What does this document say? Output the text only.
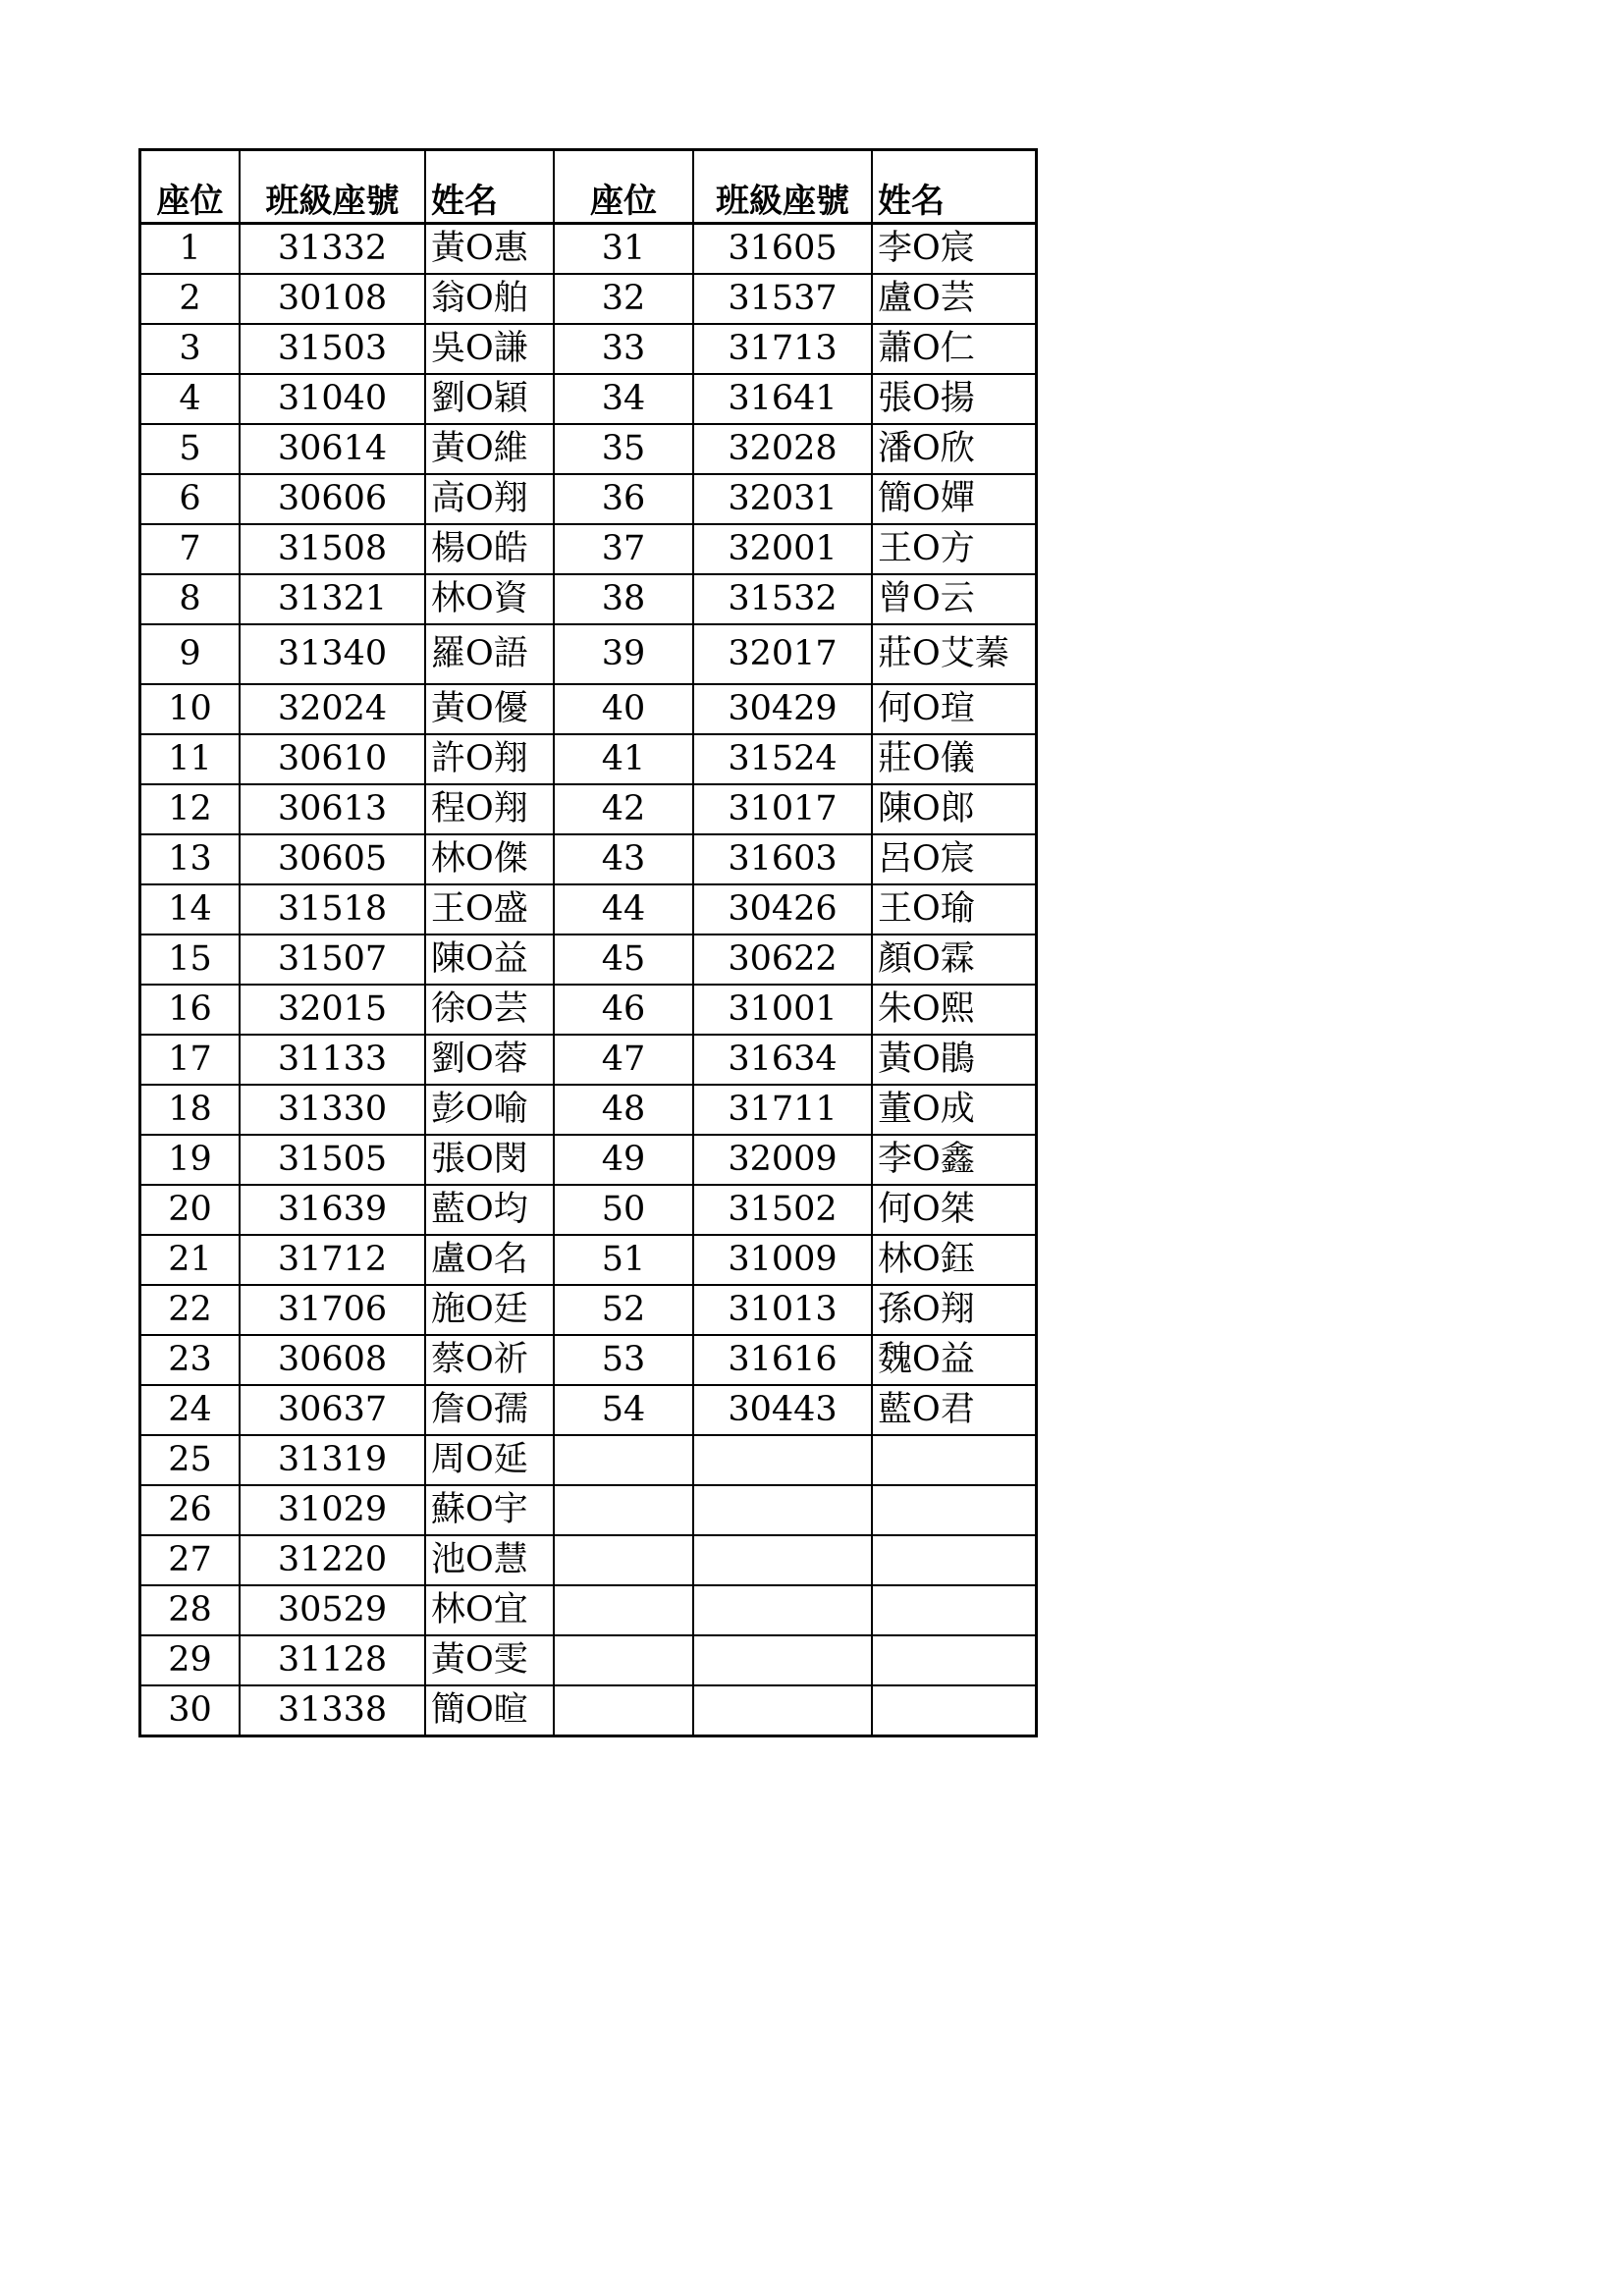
座位	班級座號	姓名	座位	班級座號	姓名
1	31332	黃O惠	31	31605	李O宸
2	30108	翁O舶	32	31537	盧O芸
3	31503	吳O謙	33	31713	蕭O仁
4	31040	劉O穎	34	31641	張O揚
5	30614	黃O維	35	32028	潘O欣
6	30606	高O翔	36	32031	簡O嬋
7	31508	楊O皓	37	32001	王O方
8	31321	林O資	38	31532	曾O云
9	31340	羅O語	39	32017	莊O艾蓁
10	32024	黃O優	40	30429	何O瑄
11	30610	許O翔	41	31524	莊O儀
12	30613	程O翔	42	31017	陳O郎
13	30605	林O傑	43	31603	呂O宸
14	31518	王O盛	44	30426	王O瑜
15	31507	陳O益	45	30622	顏O霖
16	32015	徐O芸	46	31001	朱O熙
17	31133	劉O蓉	47	31634	黃O鵑
18	31330	彭O喻	48	31711	董O成
19	31505	張O閔	49	32009	李O鑫
20	31639	藍O均	50	31502	何O桀
21	31712	盧O名	51	31009	林O鈺
22	31706	施O廷	52	31013	孫O翔
23	30608	蔡O祈	53	31616	魏O益
24	30637	詹O孺	54	30443	藍O君
25	31319	周O延			
26	31029	蘇O宇			
27	31220	池O慧			
28	30529	林O宜			
29	31128	黃O雯			
30	31338	簡O暄			
